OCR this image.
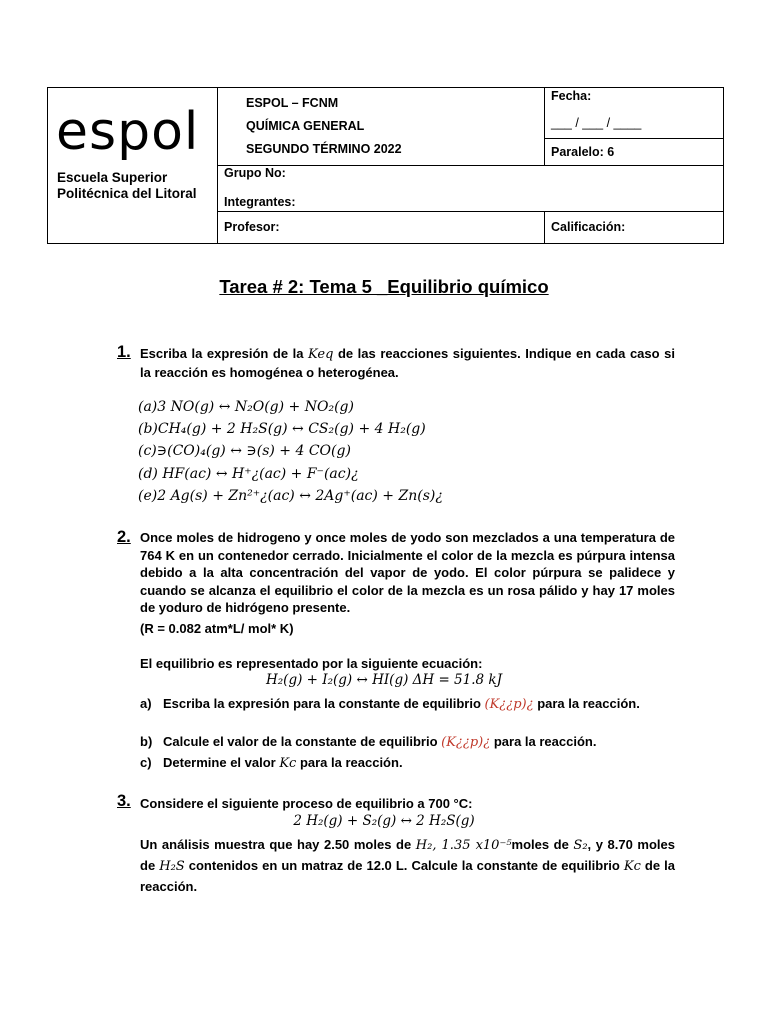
espol
Escuela Superior
Politécnica del Litoral
ESPOL – FCNM
QUÍMICA GENERAL
SEGUNDO TÉRMINO 2022
Fecha:
___ / ___ / ____
Paralelo: 6
Grupo No:
Integrantes:
Profesor:	Calificación:
Tarea # 2: Tema 5 _Equilibrio químico
1. Escriba la expresión de la Keq de las reacciones siguientes. Indique en cada caso si la reacción es homogénea o heterogénea.
(a)3 NO(g) ↔ N₂O(g) + NO₂(g)
(b)CH₄(g) + 2 H₂S(g) ↔ CS₂(g) + 4 H₂(g)
(c)∋(CO)₄(g) ↔ ∋(s) + 4 CO(g)
(d) HF(ac) ↔ H⁺¿(ac) + F⁻(ac)¿
(e)2 Ag(s) + Zn²⁺¿(ac) ↔ 2Ag⁺(ac) + Zn(s)¿
2. Once moles de hidrogeno y once moles de yodo son mezclados a una temperatura de 764 K en un contenedor cerrado. Inicialmente el color de la mezcla es púrpura intensa debido a la alta concentración del vapor de yodo. El color púrpura se palidece y cuando se alcanza el equilibrio el color de la mezcla es un rosa pálido y hay 17 moles de yoduro de hidrógeno presente.
(R = 0.082 atm*L/ mol* K)
El equilibrio es representado por la siguiente ecuación:
H₂(g) + I₂(g) ↔ HI(g) ΔH = 51.8 kJ
a) Escriba la expresión para la constante de equilibrio (K¿¿p)¿ para la reacción.
b) Calcule el valor de la constante de equilibrio (K¿¿p)¿ para la reacción.
c) Determine el valor Kc para la reacción.
3. Considere el siguiente proceso de equilibrio a 700 °C:
2 H₂(g) + S₂(g) ↔ 2 H₂S(g)
Un análisis muestra que hay 2.50 moles de H₂, 1.35 x10⁻⁵moles de S₂, y 8.70 moles de H₂S contenidos en un matraz de 12.0 L. Calcule la constante de equilibrio Kc de la reacción.
